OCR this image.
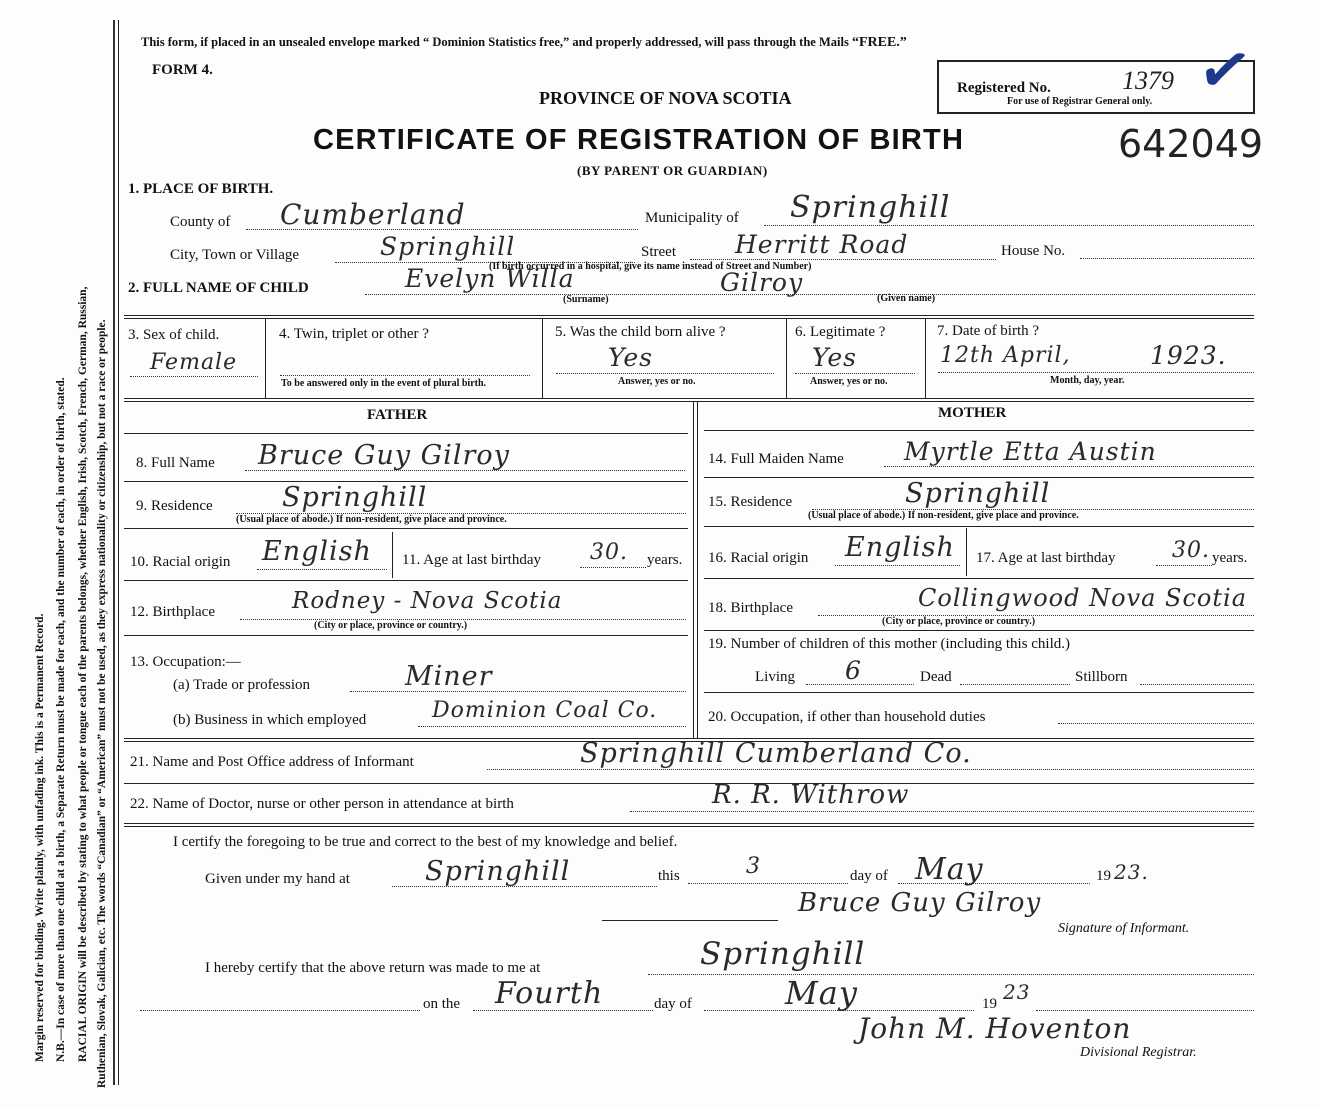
Margin reserved for binding. Write plainly, with unfading ink. This is a Permanent Record. N.B.—In case of more than one child at a birth, a Separate Return must be made for each, and the number of each, in order of birth, stated. RACIAL ORIGIN will be described by stating to what people or tongue each of the parents belongs, whether English, Irish, Scotch, French, German, Russian, Ruthenian, Slovak, Galician, etc. The words “Canadian” or “American” must not be used, as they express nationality or citizenship, but not a race or people.
This form, if placed in an unsealed envelope marked “ Dominion Statistics free,” and properly addressed, will pass through the Mails “FREE.”
FORM 4.
PROVINCE OF NOVA SCOTIA	Registered No.	1379
For use of Registrar General only. ✓
CERTIFICATE OF REGISTRATION OF BIRTH	642049
(BY PARENT OR GUARDIAN)
1. PLACE OF BIRTH.
County of Cumberland	Municipality of Springhill
City, Town or Village	Springhill	Street Herritt Road	House No.
(If birth occurred in a hospital, give its name instead of Street and Number)
2. FULL NAME OF CHILD	Evelyn Willa	Gilroy
(Surname)	(Given name)
3. Sex of child.
Female
4. Twin, triplet or other ?
To be answered only in the event of plural birth.
5. Was the child born alive ?
Yes
Answer, yes or no.
6. Legitimate ?
Yes
Answer, yes or no.
7. Date of birth ?
12th April,	1923.
Month, day, year.
FATHER	MOTHER
8. Full Name Bruce Guy Gilroy
9. Residence	Springhill
(Usual place of abode.) If non-resident, give place and province.
10. Racial origin English 11. Age at last birthday 30. years.
12. Birthplace	Rodney - Nova Scotia
(City or place, province or country.)
13. Occupation:—
(a) Trade or profession	Miner
(b) Business in which employed	Dominion Coal Co.
14. Full Maiden Name Myrtle Etta Austin
15. Residence	Springhill
(Usual place of abode.) If non-resident, give place and province.
16. Racial origin English 17. Age at last birthday	30. years.
18. Birthplace	Collingwood Nova Scotia
(City or place, province or country.)
19. Number of children of this mother (including this child.)
Living 6	Dead	Stillborn
20. Occupation, if other than household duties
21. Name and Post Office address of Informant	Springhill Cumberland Co.
22. Name of Doctor, nurse or other person in attendance at birth	R. R. Withrow
I certify the foregoing to be true and correct to the best of my knowledge and belief.
Given under my hand at	Springhill	this	3	day of May	19 23.
Bruce Guy Gilroy
Signature of Informant.
I hereby certify that the above return was made to me at	Springhill
on the Fourth	day of	May	19 23
John M. Hoventon
Divisional Registrar.
